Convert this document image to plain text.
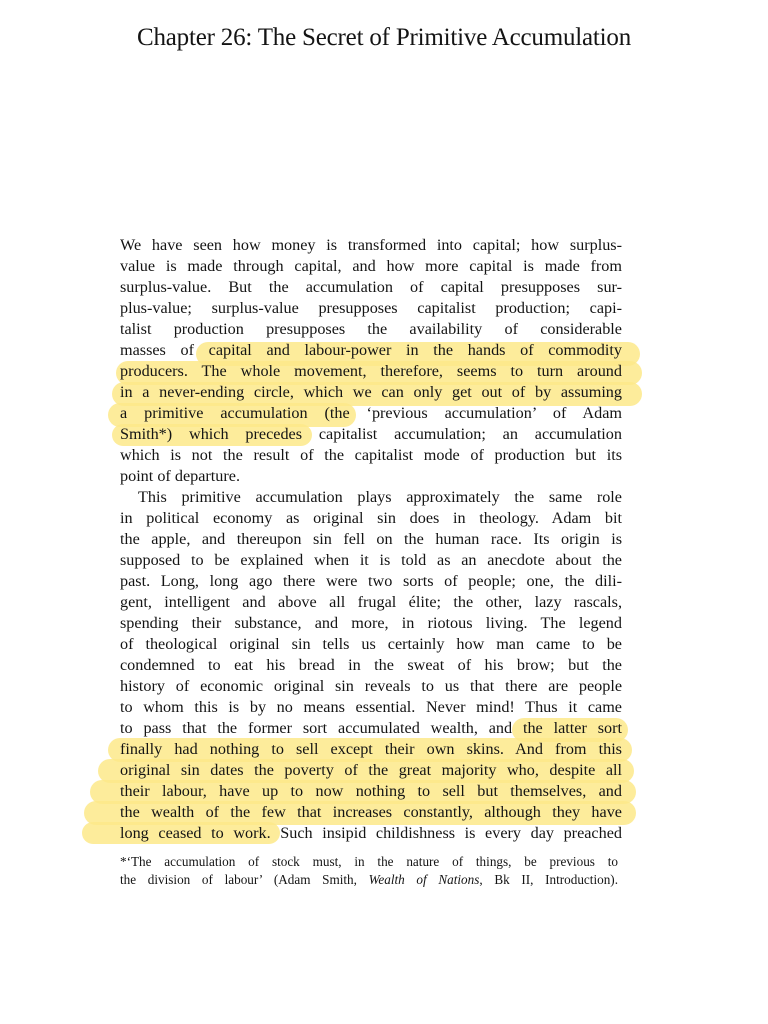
Chapter 26: The Secret of Primitive Accumulation
We have seen how money is transformed into capital; how surplus-
value is made through capital, and how more capital is made from
surplus-value. But the accumulation of capital presupposes sur-
plus-value; surplus-value presupposes capitalist production; capi-
talist production presupposes the availability of considerable
masses of capital and labour-power in the hands of commodity
producers. The whole movement, therefore, seems to turn around
in a never-ending circle, which we can only get out of by assuming
a primitive accumulation (the ‘previous accumulation’ of Adam
Smith*) which precedes capitalist accumulation; an accumulation
which is not the result of the capitalist mode of production but its
point of departure.
This primitive accumulation plays approximately the same role
in political economy as original sin does in theology. Adam bit
the apple, and thereupon sin fell on the human race. Its origin is
supposed to be explained when it is told as an anecdote about the
past. Long, long ago there were two sorts of people; one, the dili-
gent, intelligent and above all frugal élite; the other, lazy rascals,
spending their substance, and more, in riotous living. The legend
of theological original sin tells us certainly how man came to be
condemned to eat his bread in the sweat of his brow; but the
history of economic original sin reveals to us that there are people
to whom this is by no means essential. Never mind! Thus it came
to pass that the former sort accumulated wealth, and the latter sort
finally had nothing to sell except their own skins. And from this
original sin dates the poverty of the great majority who, despite all
their labour, have up to now nothing to sell but themselves, and
the wealth of the few that increases constantly, although they have
long ceased to work. Such insipid childishness is every day preached
*‘The accumulation of stock must, in the nature of things, be previous to
the division of labour’ (Adam Smith, Wealth of Nations, Bk II, Introduction).
